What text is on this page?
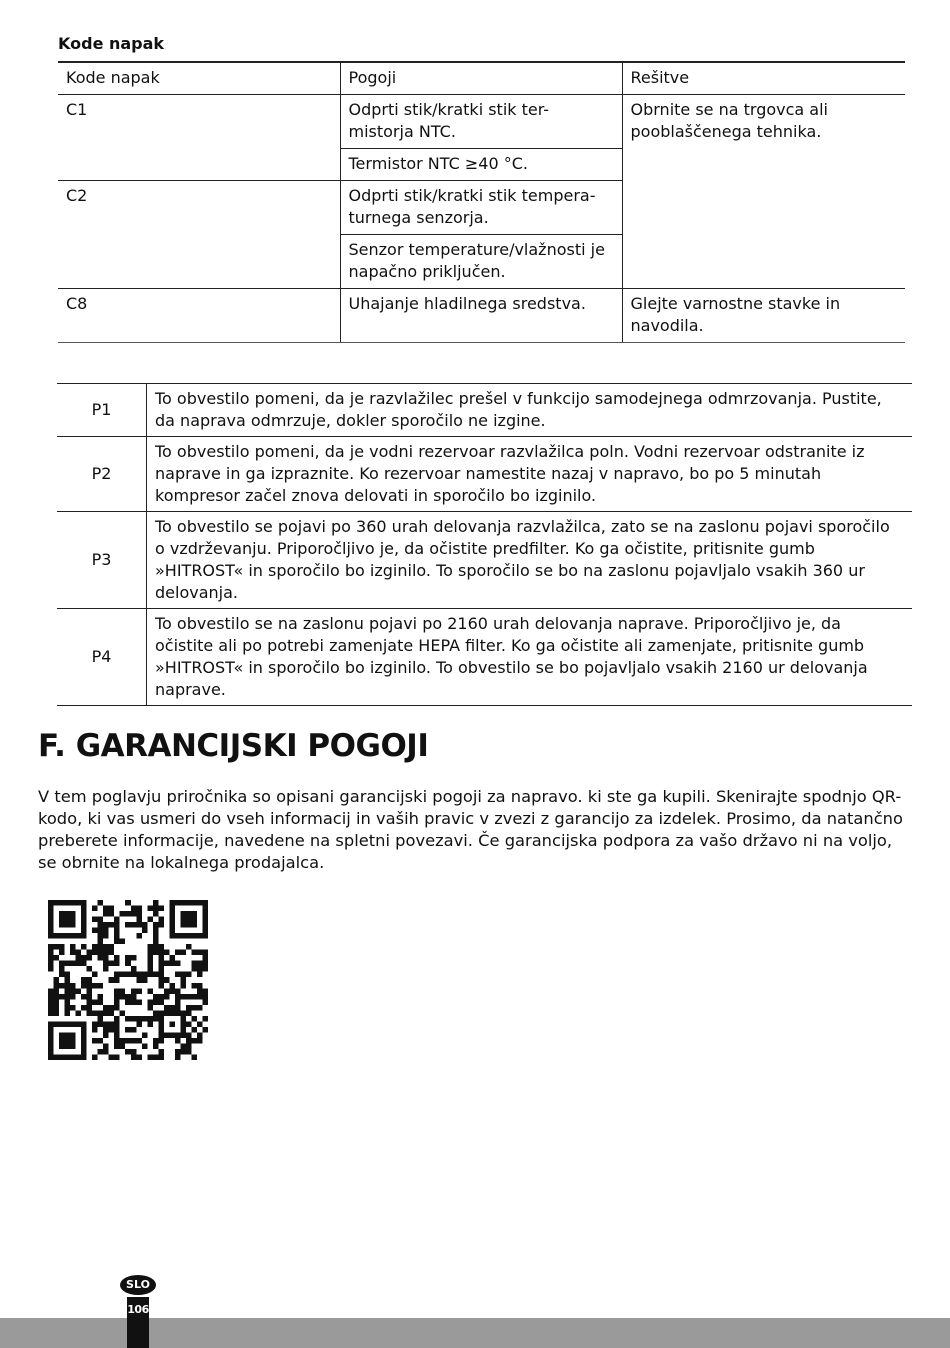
Kode napak
Kode napak	Pogoji	Rešitve
C1	Odprti stik/kratki stik ter-mistorja NTC.	Obrnite se na trgovca ali pooblaščenega tehnika.
	Termistor NTC ≥40 °C.	
C2	Odprti stik/kratki stik tempera-turnega senzorja.	
	Senzor temperature/vlažnosti je napačno priključen.	
C8	Uhajanje hladilnega sredstva.	Glejte varnostne stavke in navodila.
P1	To obvestilo pomeni, da je razvlažilec prešel v funkcijo samodejnega odmrzovanja. Pustite, da naprava odmrzuje, dokler sporočilo ne izgine.
P2	To obvestilo pomeni, da je vodni rezervoar razvlažilca poln. Vodni rezervoar odstranite iz naprave in ga izpraznite. Ko rezervoar namestite nazaj v napravo, bo po 5 minutah kompresor začel znova delovati in sporočilo bo izginilo.
P3	To obvestilo se pojavi po 360 urah delovanja razvlažilca, zato se na zaslonu pojavi sporočilo o vzdrževanju. Priporočljivo je, da očistite predfilter. Ko ga očistite, pritisnite gumb »HITROST« in sporočilo bo izginilo. To sporočilo se bo na zaslonu pojavljalo vsakih 360 ur delovanja.
P4	To obvestilo se na zaslonu pojavi po 2160 urah delovanja naprave. Priporočljivo je, da očistite ali po potrebi zamenjate HEPA filter. Ko ga očistite ali zamenjate, pritisnite gumb »HITROST« in sporočilo bo izginilo. To obvestilo se bo pojavljalo vsakih 2160 ur delovanja naprave.
F. GARANCIJSKI POGOJI

V tem poglavju priročnika so opisani garancijski pogoji za napravo. ki ste ga kupili. Skenirajte spodnjo QR-kodo, ki vas usmeri do vseh informacij in vaših pravic v zvezi z garancijo za izdelek. Prosimo, da natančno preberete informacije, navedene na spletni povezavi. Če garancijska podpora za vašo državo ni na voljo, se obrnite na lokalnega prodajalca.

SLO
106
